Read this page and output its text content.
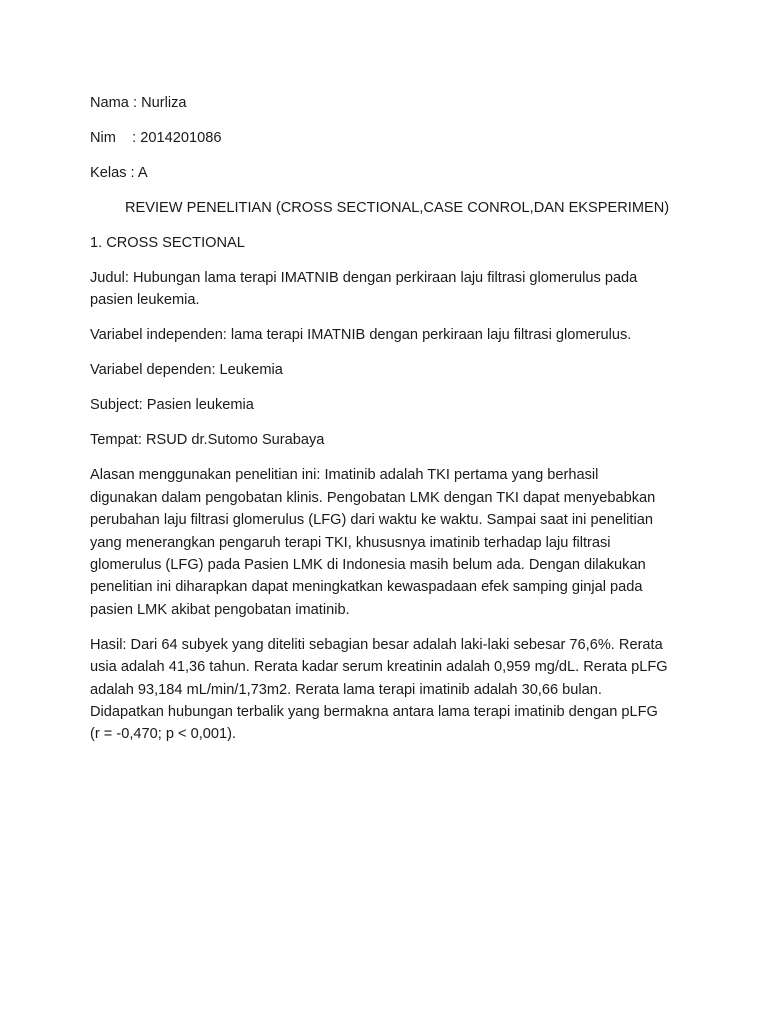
Nama : Nurliza

Nim    : 2014201086

Kelas : A

REVIEW PENELITIAN (CROSS SECTIONAL,CASE CONROL,DAN EKSPERIMEN)

1. CROSS SECTIONAL

Judul: Hubungan lama terapi IMATNIB dengan perkiraan laju filtrasi glomerulus pada

pasien leukemia.

Variabel independen: lama terapi IMATNIB dengan perkiraan laju filtrasi glomerulus.

Variabel dependen: Leukemia

Subject: Pasien leukemia

Tempat: RSUD dr.Sutomo Surabaya

Alasan menggunakan penelitian ini: Imatinib adalah TKI pertama yang berhasil

digunakan dalam pengobatan klinis. Pengobatan LMK dengan TKI dapat menyebabkan

perubahan laju filtrasi glomerulus (LFG) dari waktu ke waktu. Sampai saat ini penelitian

yang menerangkan pengaruh terapi TKI, khususnya imatinib terhadap laju filtrasi

glomerulus (LFG) pada Pasien LMK di Indonesia masih belum ada. Dengan dilakukan

penelitian ini diharapkan dapat meningkatkan kewaspadaan efek samping ginjal pada

pasien LMK akibat pengobatan imatinib.

Hasil: Dari 64 subyek yang diteliti sebagian besar adalah laki-laki sebesar 76,6%. Rerata

usia adalah 41,36 tahun. Rerata kadar serum kreatinin adalah 0,959 mg/dL. Rerata pLFG

adalah 93,184 mL/min/1,73m2. Rerata lama terapi imatinib adalah 30,66 bulan.

Didapatkan hubungan terbalik yang bermakna antara lama terapi imatinib dengan pLFG

(r = -0,470; p < 0,001).
